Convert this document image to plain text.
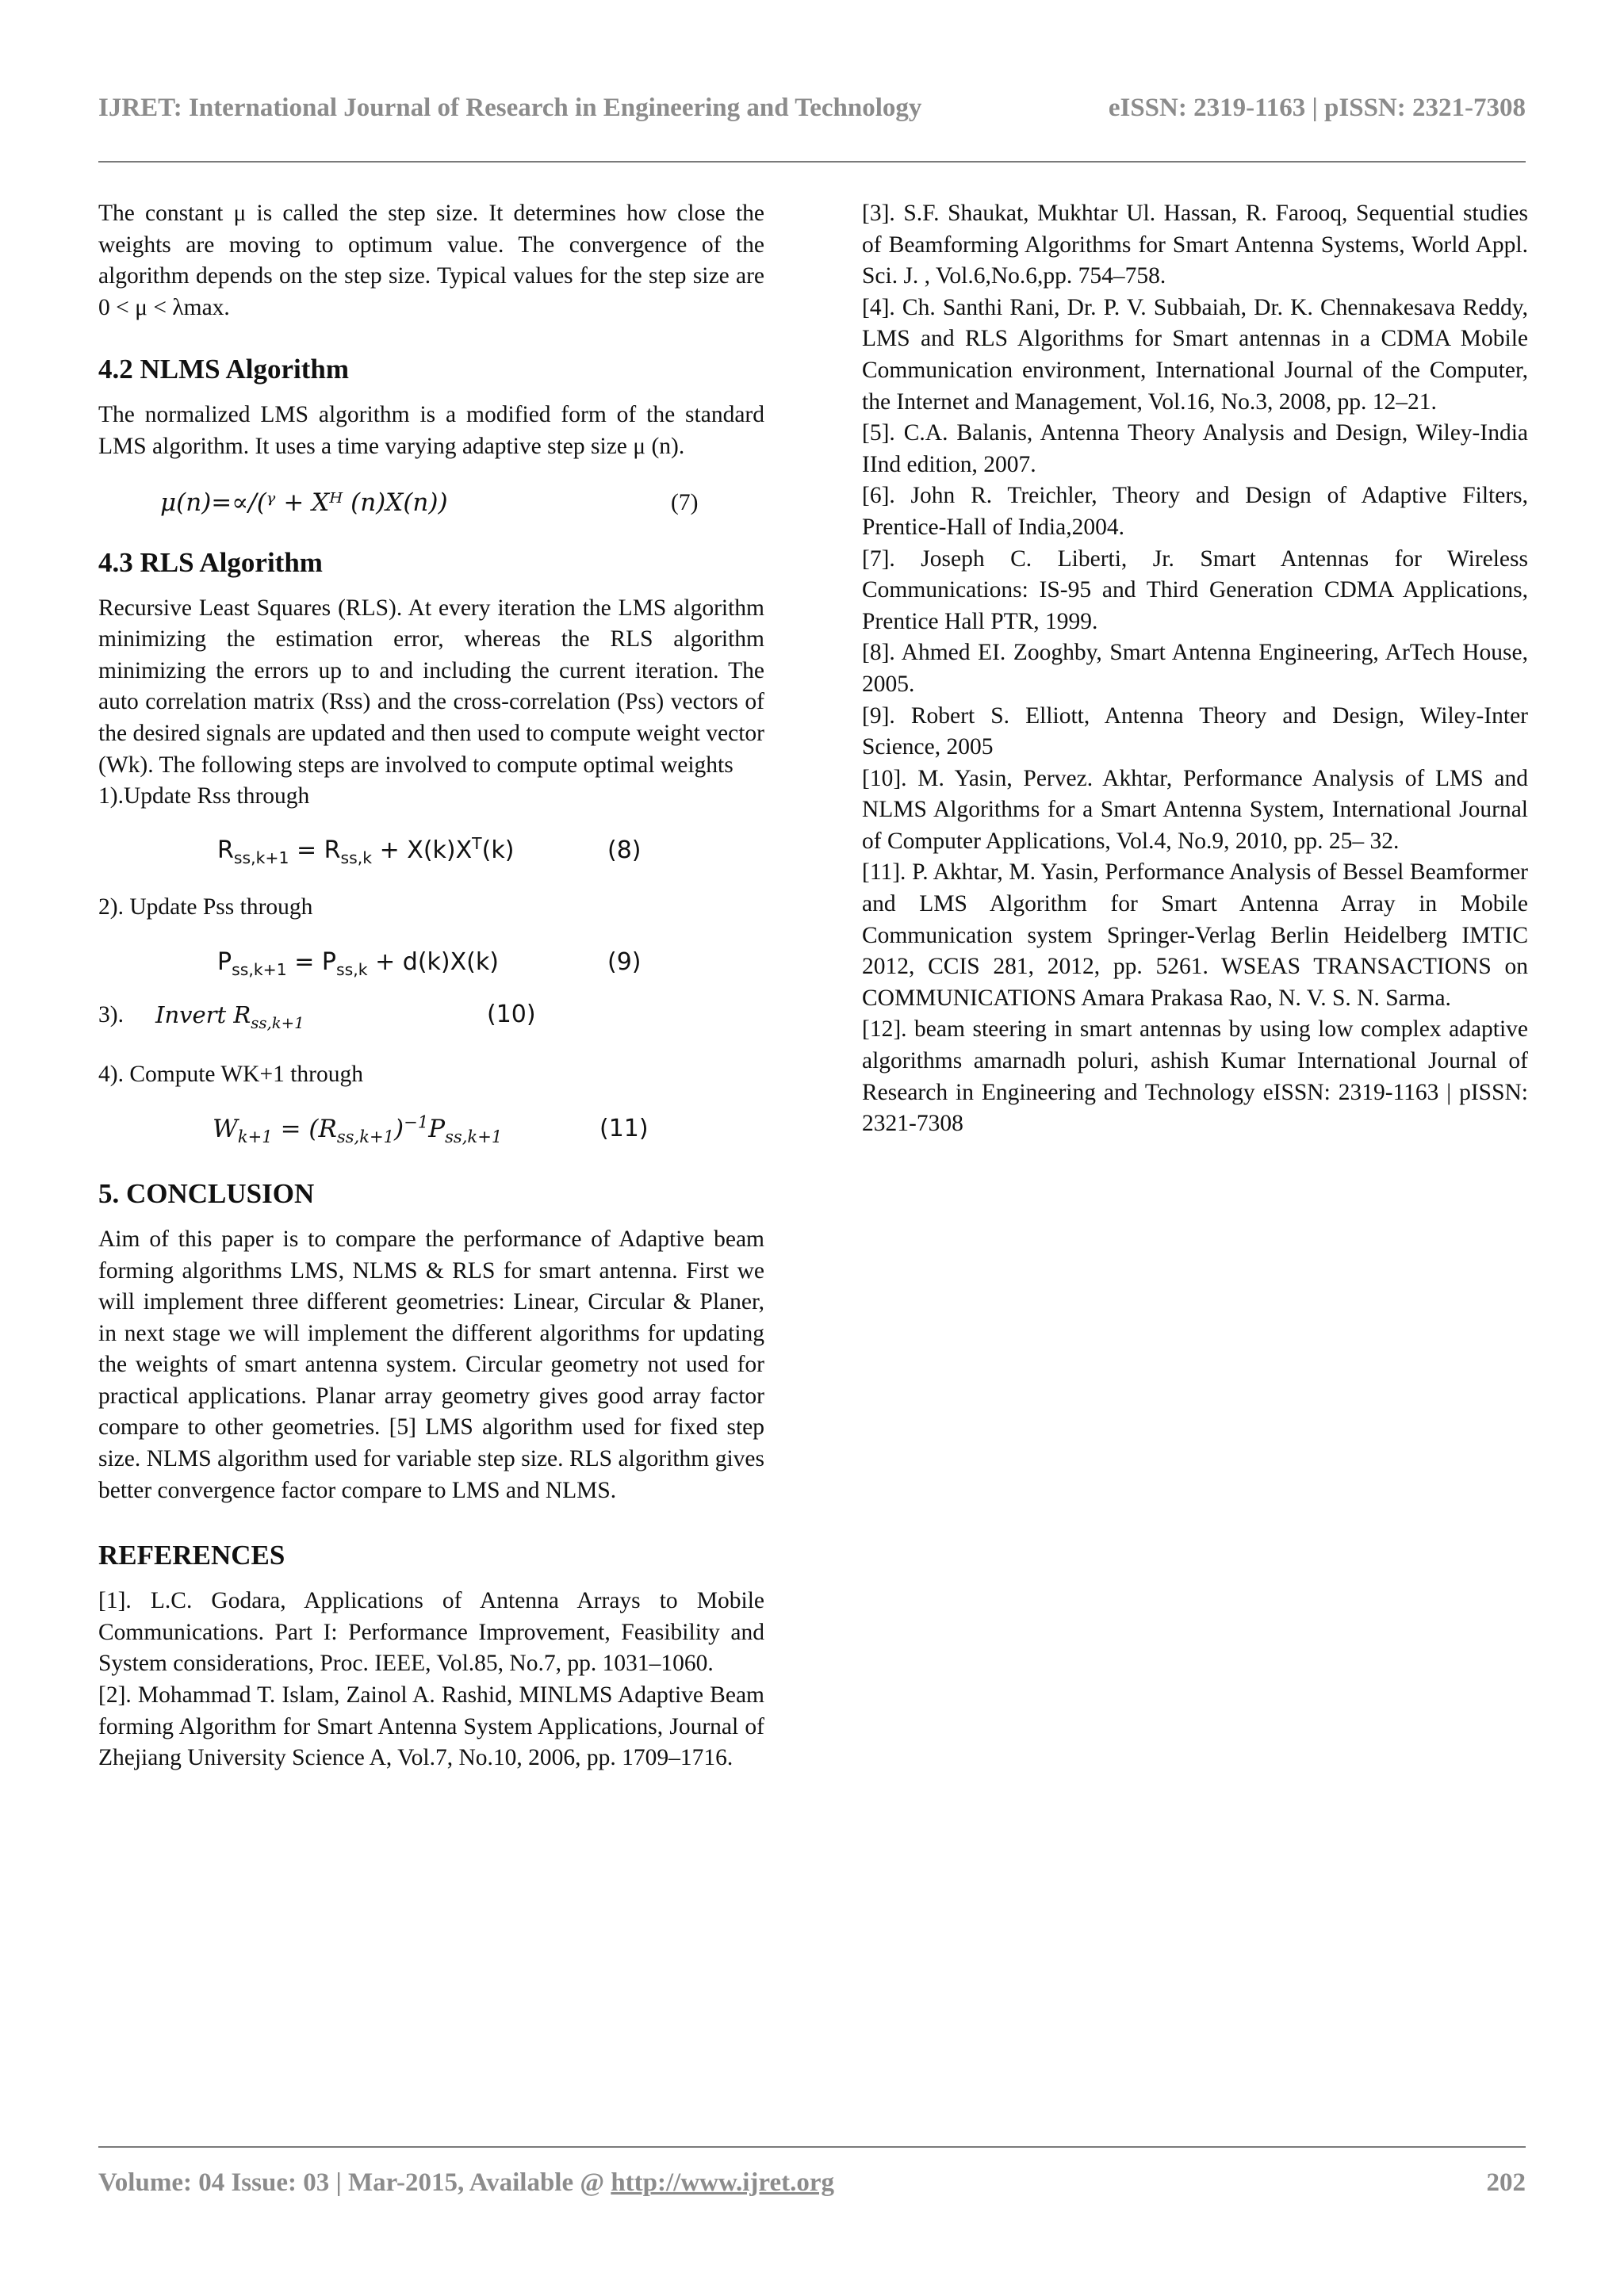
IJRET: International Journal of Research in Engineering and Technology	eISSN: 2319-1163 | pISSN: 2321-7308

The constant μ is called the step size. It determines how close the weights are moving to optimum value. The convergence of the algorithm depends on the step size. Typical values for the step size are 0 < μ < λmax.

4.2 NLMS Algorithm

The normalized LMS algorithm is a modified form of the standard LMS algorithm. It uses a time varying adaptive step size μ (n).

μ(n)=∝/(ᵞ + Xᴴ (n)X(n))	(7)
4.3 RLS Algorithm

Recursive Least Squares (RLS). At every iteration the LMS algorithm minimizing the estimation error, whereas the RLS algorithm minimizing the errors up to and including the current iteration. The auto correlation matrix (Rss) and the cross-correlation (Pss) vectors of the desired signals are updated and then used to compute weight vector (Wk). The following steps are involved to compute optimal weights

1).Update Rss through

$R_{ss,k+1} = R_{ss,k} + X(k)X^T(k)$	(8)

2). Update Pss through

$P_{ss,k+1} = P_{ss,k} + d(k)X(k)$	(9)
3). Invert $R_{ss,k+1}$	(10)

4). Compute WK+1 through

$W_{k+1} = (R_{ss,k+1})^{-1}P_{ss,k+1}$	(11)
5. CONCLUSION

Aim of this paper is to compare the performance of Adaptive beam forming algorithms LMS, NLMS & RLS for smart antenna. First we will implement three different geometries: Linear, Circular & Planer, in next stage we will implement the different algorithms for updating the weights of smart antenna system. Circular geometry not used for practical applications. Planar array geometry gives good array factor compare to other geometries. [5] LMS algorithm used for fixed step size. NLMS algorithm used for variable step size. RLS algorithm gives better convergence factor compare to LMS and NLMS.

REFERENCES

[1]. L.C. Godara, Applications of Antenna Arrays to Mobile Communications. Part I: Performance Improvement, Feasibility and System considerations, Proc. IEEE, Vol.85, No.7, pp. 1031–1060.

[2]. Mohammad T. Islam, Zainol A. Rashid, MINLMS Adaptive Beam forming Algorithm for Smart Antenna System Applications, Journal of Zhejiang University Science A, Vol.7, No.10, 2006, pp. 1709–1716.

[3]. S.F. Shaukat, Mukhtar Ul. Hassan, R. Farooq, Sequential studies of Beamforming Algorithms for Smart Antenna Systems, World Appl. Sci. J. , Vol.6,No.6,pp. 754–758.

[4]. Ch. Santhi Rani, Dr. P. V. Subbaiah, Dr. K. Chennakesava Reddy, LMS and RLS Algorithms for Smart antennas in a CDMA Mobile Communication environment, International Journal of the Computer, the Internet and Management, Vol.16, No.3, 2008, pp. 12–21.

[5]. C.A. Balanis, Antenna Theory Analysis and Design, Wiley-India IInd edition, 2007.

[6]. John R. Treichler, Theory and Design of Adaptive Filters, Prentice-Hall of India,2004.

[7]. Joseph C. Liberti, Jr. Smart Antennas for Wireless Communications: IS-95 and Third Generation CDMA Applications, Prentice Hall PTR, 1999.

[8]. Ahmed EI. Zooghby, Smart Antenna Engineering, ArTech House, 2005.

[9]. Robert S. Elliott, Antenna Theory and Design, Wiley-Inter Science, 2005

[10]. M. Yasin, Pervez. Akhtar, Performance Analysis of LMS and NLMS Algorithms for a Smart Antenna System, International Journal of Computer Applications, Vol.4, No.9, 2010, pp. 25– 32.

[11]. P. Akhtar, M. Yasin, Performance Analysis of Bessel Beamformer and LMS Algorithm for Smart Antenna Array in Mobile Communication system Springer-Verlag Berlin Heidelberg IMTIC 2012, CCIS 281, 2012, pp. 5261. WSEAS TRANSACTIONS on COMMUNICATIONS Amara Prakasa Rao, N. V. S. N. Sarma.

[12]. beam steering in smart antennas by using low complex adaptive algorithms amarnadh poluri, ashish Kumar International Journal of Research in Engineering and Technology eISSN: 2319-1163 | pISSN: 2321-7308

Volume: 04 Issue: 03 | Mar-2015, Available @ http://www.ijret.org	202
